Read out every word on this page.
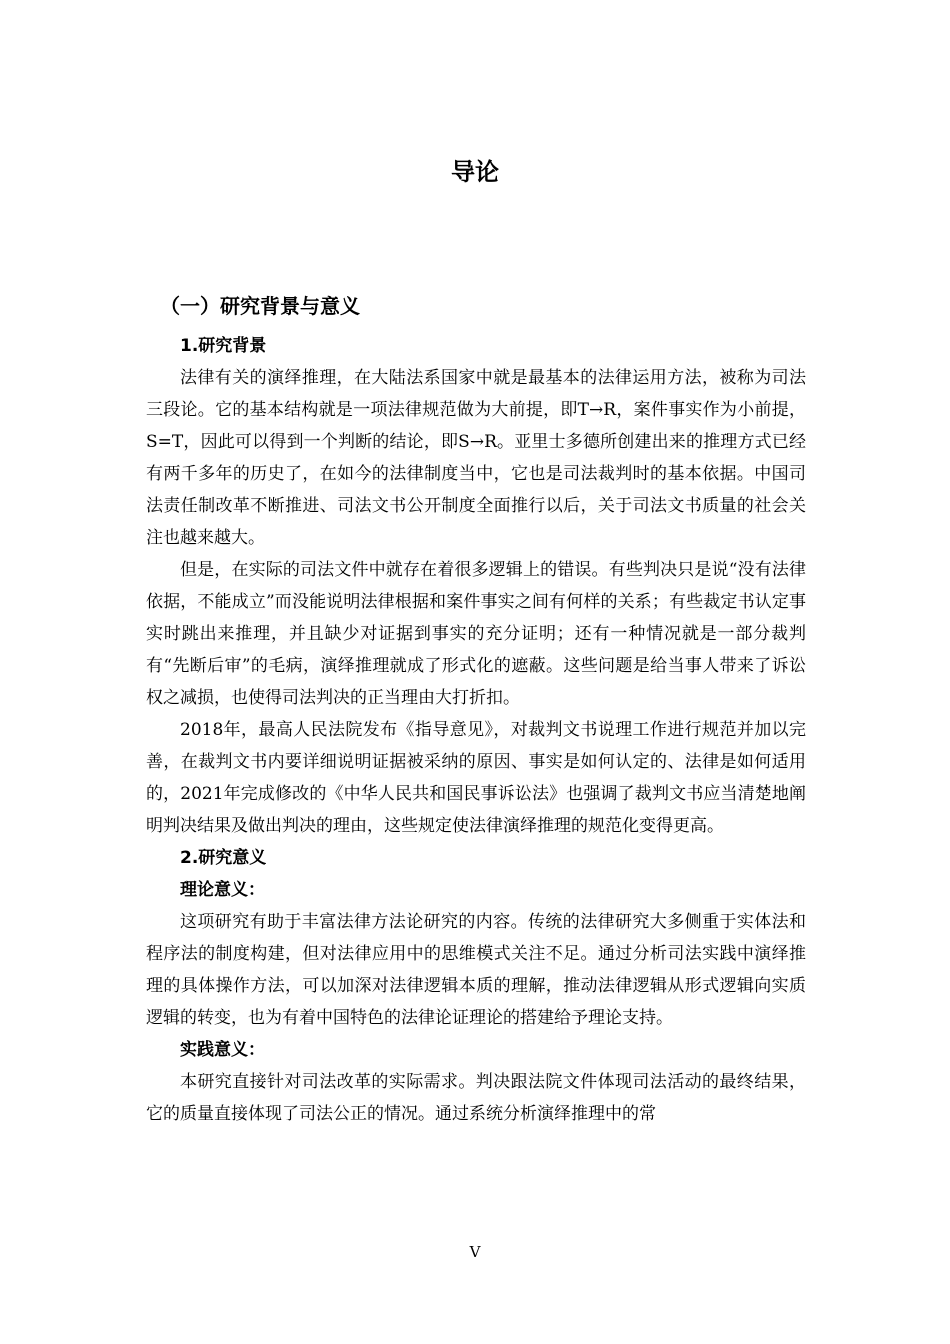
导论
（一）研究背景与意义
1.研究背景

法律有关的演绎推理，在大陆法系国家中就是最基本的法律运用方法，被称为司法三段论。它的基本结构就是一项法律规范做为大前提，即T→R，案件事实作为小前提，S=T，因此可以得到一个判断的结论，即S→R。亚里士多德所创建出来的推理方式已经有两千多年的历史了，在如今的法律制度当中，它也是司法裁判时的基本依据。中国司法责任制改革不断推进、司法文书公开制度全面推行以后，关于司法文书质量的社会关注也越来越大。

但是，在实际的司法文件中就存在着很多逻辑上的错误。有些判决只是说“没有法律依据，不能成立”而没能说明法律根据和案件事实之间有何样的关系；有些裁定书认定事实时跳出来推理，并且缺少对证据到事实的充分证明；还有一种情况就是一部分裁判有“先断后审”的毛病，演绎推理就成了形式化的遮蔽。这些问题是给当事人带来了诉讼权之减损，也使得司法判决的正当理由大打折扣。

2018年，最高人民法院发布《指导意见》，对裁判文书说理工作进行规范并加以完善，在裁判文书内要详细说明证据被采纳的原因、事实是如何认定的、法律是如何适用的，2021年完成修改的《中华人民共和国民事诉讼法》也强调了裁判文书应当清楚地阐明判决结果及做出判决的理由，这些规定使法律演绎推理的规范化变得更高。

2.研究意义
理论意义：

这项研究有助于丰富法律方法论研究的内容。传统的法律研究大多侧重于实体法和程序法的制度构建，但对法律应用中的思维模式关注不足。通过分析司法实践中演绎推理的具体操作方法，可以加深对法律逻辑本质的理解，推动法律逻辑从形式逻辑向实质逻辑的转变，也为有着中国特色的法律论证理论的搭建给予理论支持。

实践意义：

本研究直接针对司法改革的实际需求。判决跟法院文件体现司法活动的最终结果，它的质量直接体现了司法公正的情况。通过系统分析演绎推理中的常

V
